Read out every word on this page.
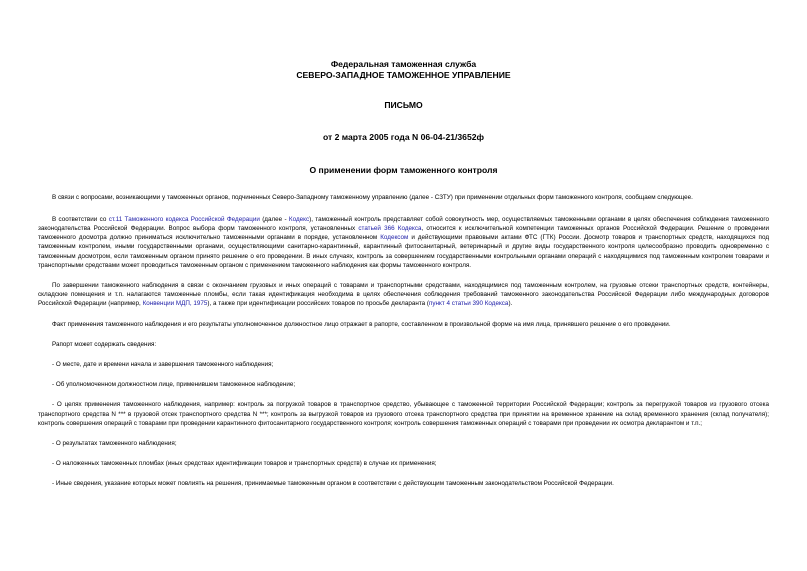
Федеральная таможенная служба
СЕВЕРО-ЗАПАДНОЕ ТАМОЖЕННОЕ УПРАВЛЕНИЕ
ПИСЬМО
от 2 марта 2005 года N 06-04-21/3652ф
О применении форм таможенного контроля

В связи с вопросами, возникающими у таможенных органов, подчиненных Северо-Западному таможенному управлению (далее - СЗТУ) при применении отдельных форм таможенного контроля, сообщаем следующее.

В соответствии со ст.11 Таможенного кодекса Российской Федерации (далее - Кодекс), таможенный контроль представляет собой совокупность мер, осуществляемых таможенными органами в целях обеспечения соблюдения таможенного законодательства Российской Федерации. Вопрос выбора форм таможенного контроля, установленных статьей 366 Кодекса, относится к исключительной компетенции таможенных органов Российской Федерации. Решение о проведении таможенного досмотра должно приниматься исключительно таможенными органами в порядке, установленном Кодексом и действующими правовыми актами ФТС (ГТК) России. Досмотр товаров и транспортных средств, находящихся под таможенным контролем, иными государственными органами, осуществляющими санитарно-карантинный, карантинный фитосанитарный, ветеринарный и другие виды государственного контроля целесообразно проводить одновременно с таможенным досмотром, если таможенным органом принято решение о его проведении. В иных случаях, контроль за совершением государственными контрольными органами операций с находящимися под таможенным контролем товарами и транспортными средствами может проводиться таможенным органом с применением таможенного наблюдения как формы таможенного контроля.

По завершении таможенного наблюдения в связи с окончанием грузовых и иных операций с товарами и транспортными средствами, находящимися под таможенным контролем, на грузовые отсеки транспортных средств, контейнеры, складские помещения и т.п. налагаются таможенные пломбы, если такая идентификация необходима в целях обеспечения соблюдения требований таможенного законодательства Российской Федерации либо международных договоров Российской Федерации (например, Конвенции МДП, 1975), а также при идентификации российских товаров по просьбе декларанта (пункт 4 статьи 390 Кодекса).

Факт применения таможенного наблюдения и его результаты уполномоченное должностное лицо отражает в рапорте, составленном в произвольной форме на имя лица, принявшего решение о его проведении.

Рапорт может содержать сведения:

- О месте, дате и времени начала и завершения таможенного наблюдения;

- Об уполномоченном должностном лице, применившем таможенное наблюдение;

- О целях применения таможенного наблюдения, например: контроль за погрузкой товаров в транспортное средство, убывающее с таможенной территории Российской Федерации; контроль за перегрузкой товаров из грузового отсека транспортного средства N *** в грузовой отсек транспортного средства N ***; контроль за выгрузкой товаров из грузового отсека транспортного средства при принятии на временное хранение на склад временного хранения (склад получателя); контроль совершения операций с товарами при проведении карантинного фитосанитарного государственного контроля; контроль совершения таможенных операций с товарами при проведении их осмотра декларантом и т.п.;

- О результатах таможенного наблюдения;

- О наложенных таможенных пломбах (иных средствах идентификации товаров и транспортных средств) в случае их применения;

- Иные сведения, указание которых может повлиять на решения, принимаемые таможенным органом в соответствии с действующим таможенным законодательством Российской Федерации.
